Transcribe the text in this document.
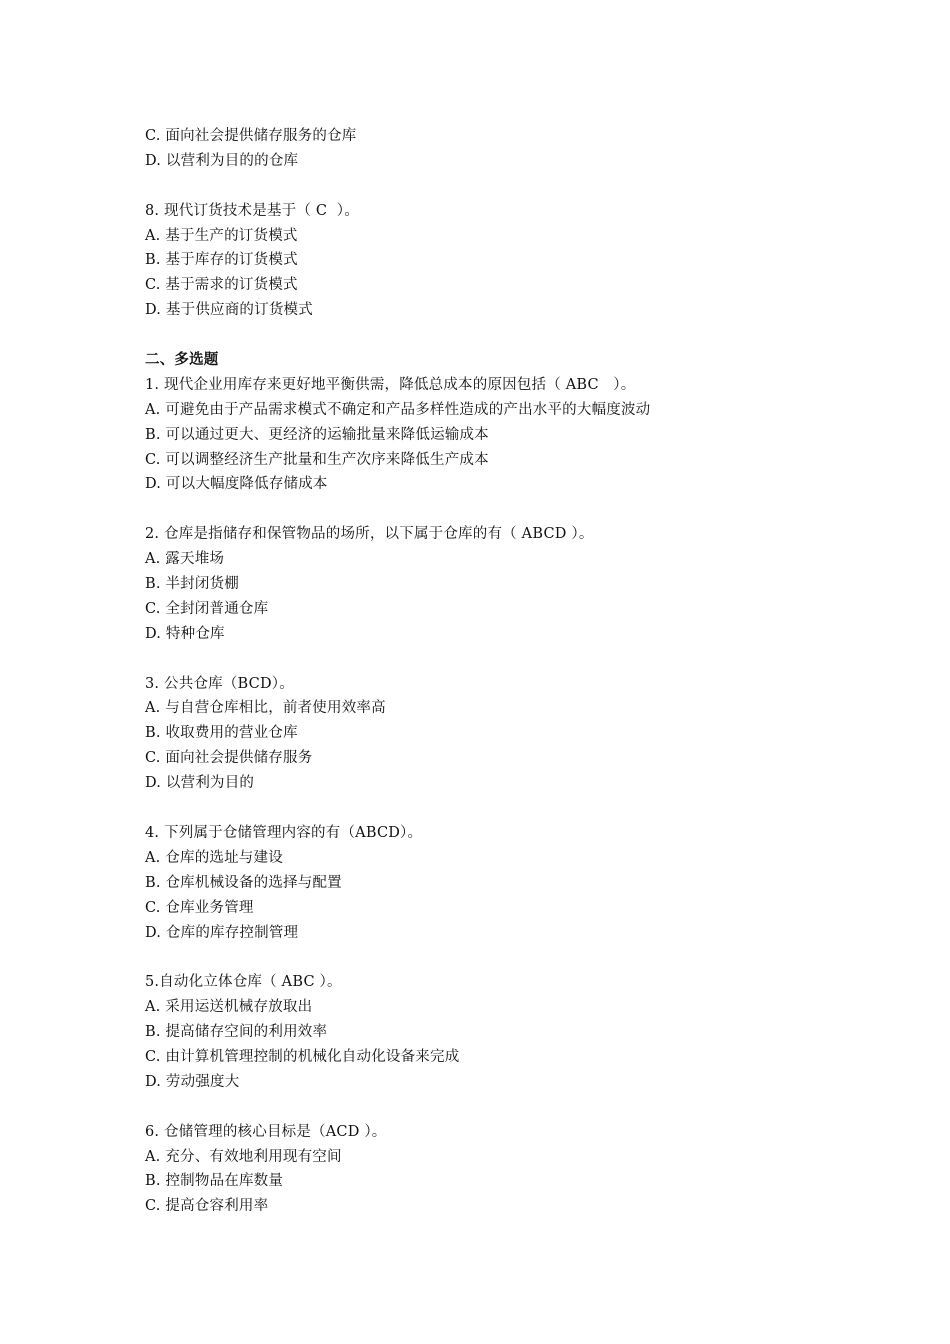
C. 面向社会提供储存服务的仓库
D. 以营利为目的的仓库
8. 现代订货技术是基于（ C  ）。
A. 基于生产的订货模式
B. 基于库存的订货模式
C. 基于需求的订货模式
D. 基于供应商的订货模式
二、多选题
1. 现代企业用库存来更好地平衡供需，降低总成本的原因包括（ ABC   ）。
A. 可避免由于产品需求模式不确定和产品多样性造成的产出水平的大幅度波动
B. 可以通过更大、更经济的运输批量来降低运输成本
C. 可以调整经济生产批量和生产次序来降低生产成本
D. 可以大幅度降低存储成本
2. 仓库是指储存和保管物品的场所，以下属于仓库的有（ ABCD ）。
A. 露天堆场
B. 半封闭货棚
C. 全封闭普通仓库
D. 特种仓库
3. 公共仓库（BCD）。
A. 与自营仓库相比，前者使用效率高
B. 收取费用的营业仓库
C. 面向社会提供储存服务
D. 以营利为目的
4. 下列属于仓储管理内容的有（ABCD）。
A. 仓库的选址与建设
B. 仓库机械设备的选择与配置
C. 仓库业务管理
D. 仓库的库存控制管理
5.自动化立体仓库（ ABC ）。
A. 采用运送机械存放取出
B. 提高储存空间的利用效率
C. 由计算机管理控制的机械化自动化设备来完成
D. 劳动强度大
6. 仓储管理的核心目标是（ACD ）。
A. 充分、有效地利用现有空间
B. 控制物品在库数量
C. 提高仓容利用率
